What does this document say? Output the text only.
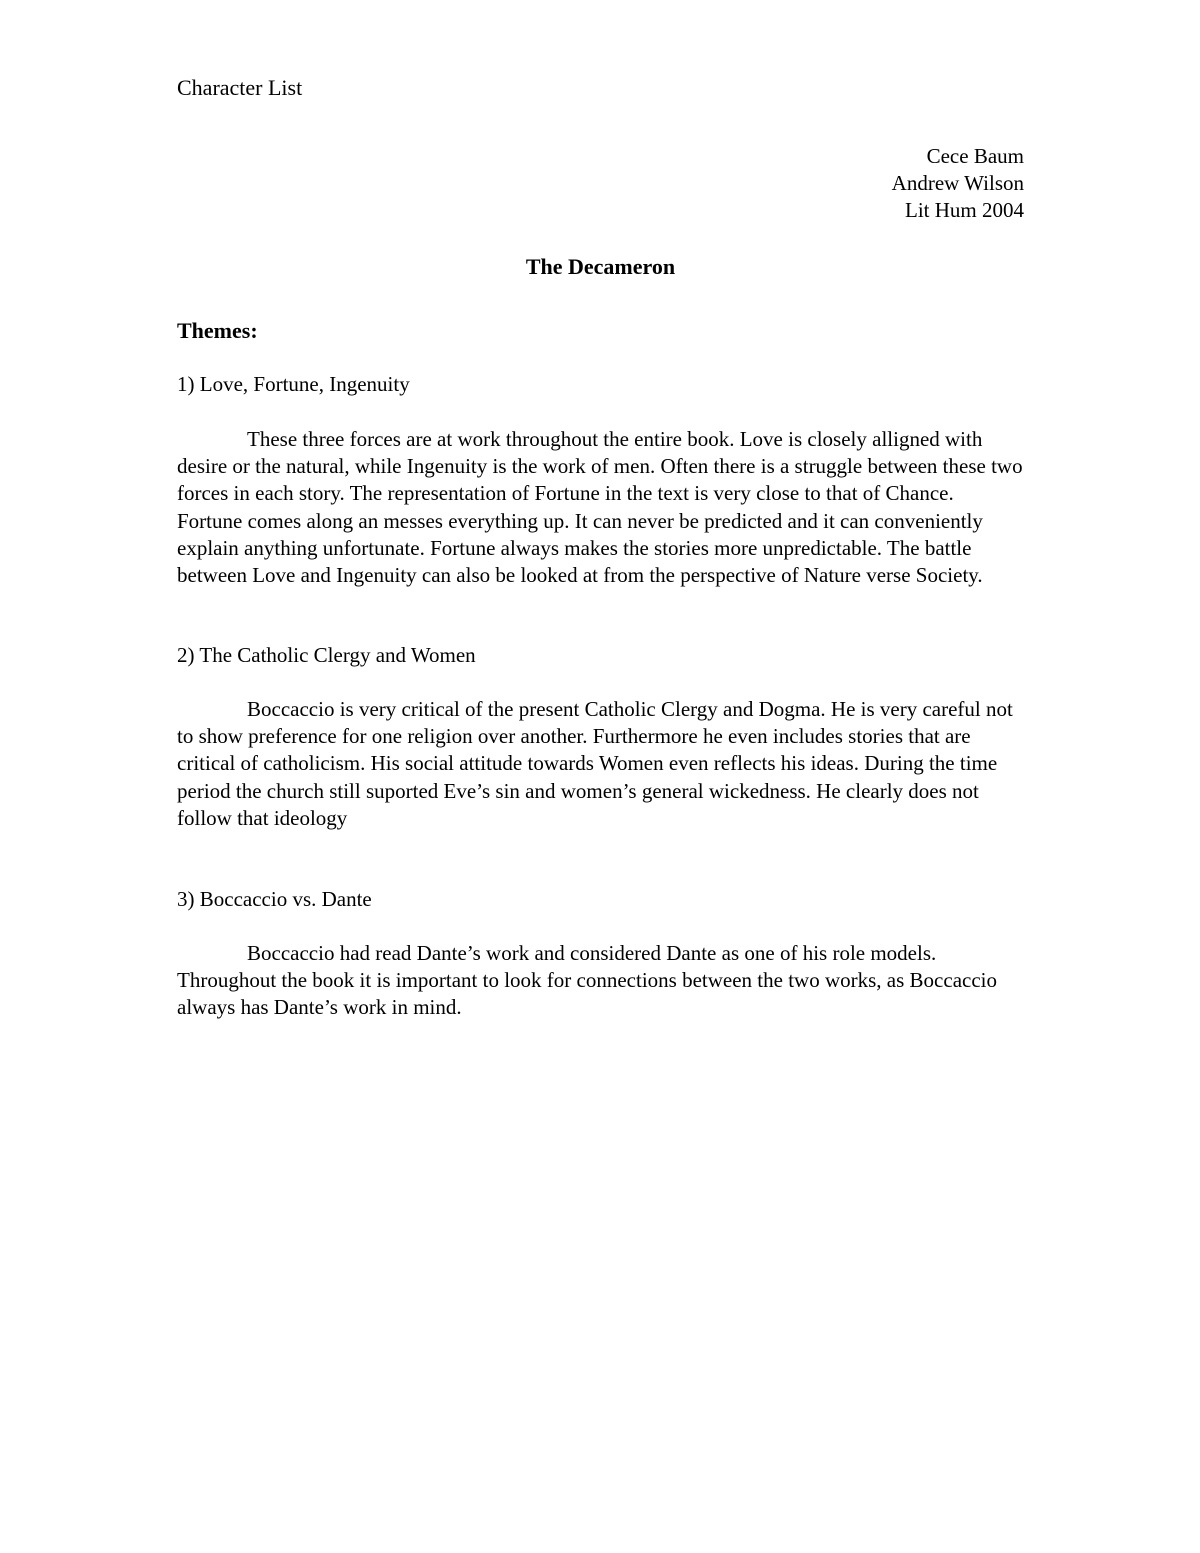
Character List
Cece Baum
Andrew Wilson
Lit Hum 2004
The Decameron
Themes:
1) Love, Fortune, Ingenuity

These three forces are at work throughout the entire book. Love is closely alligned with desire or the natural, while Ingenuity is the work of men. Often there is a struggle between these two forces in each story. The representation of Fortune in the text is very close to that of Chance. Fortune comes along an messes everything up. It can never be predicted and it can conveniently explain anything unfortunate. Fortune always makes the stories more unpredictable. The battle between Love and Ingenuity can also be looked at from the perspective of Nature verse Society.

2) The Catholic Clergy and Women

Boccaccio is very critical of the present Catholic Clergy and Dogma. He is very careful not to show preference for one religion over another. Furthermore he even includes stories that are critical of catholicism. His social attitude towards Women even reflects his ideas. During the time period the church still suported Eve’s sin and women’s general wickedness. He clearly does not follow that ideology

3) Boccaccio vs. Dante

Boccaccio had read Dante’s work and considered Dante as one of his role models. Throughout the book it is important to look for connections between the two works, as Boccaccio always has Dante’s work in mind.
